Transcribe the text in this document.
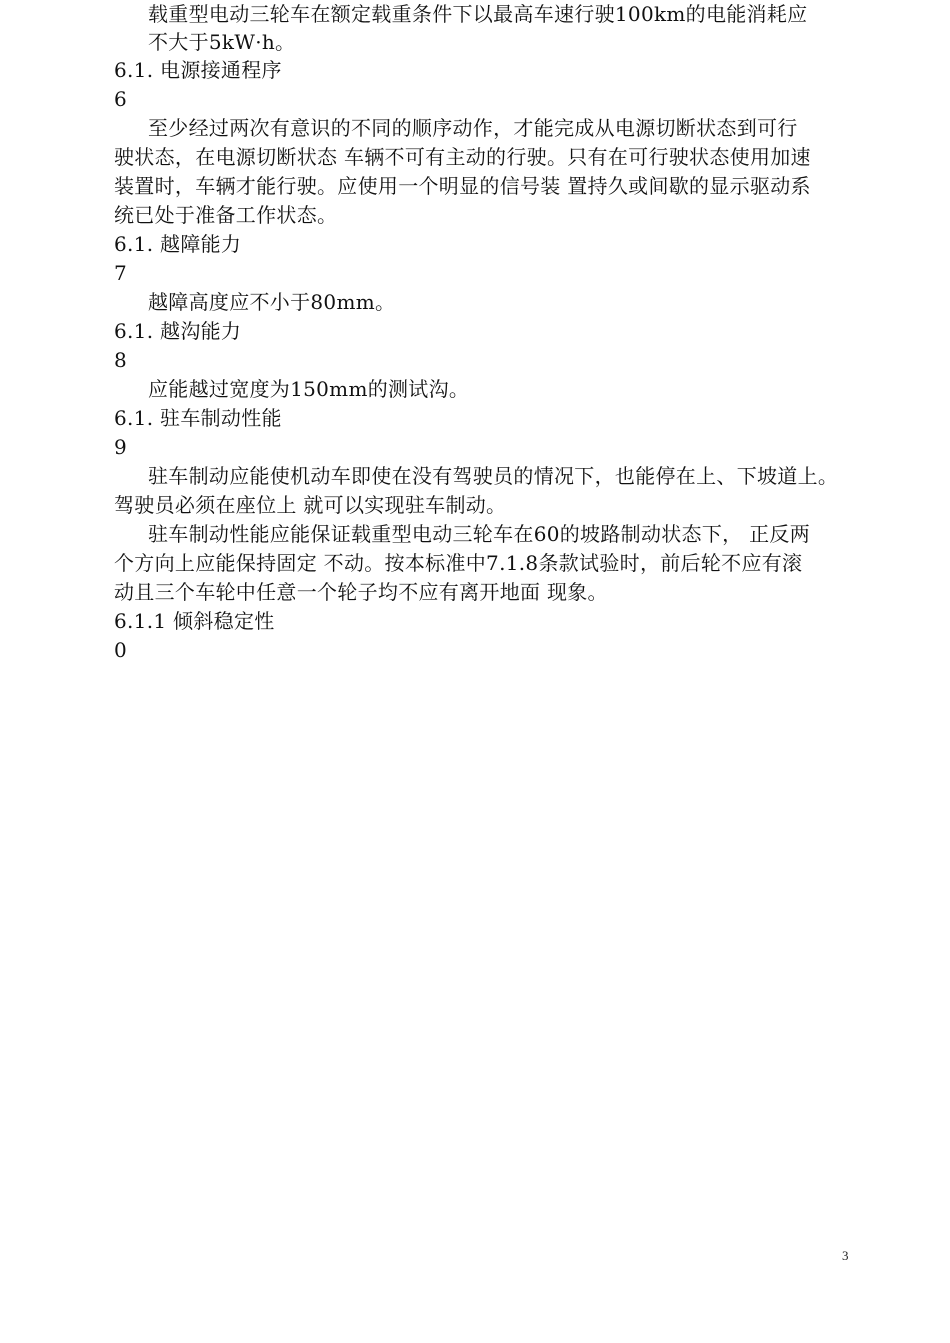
载重型电动三轮车在额定载重条件下以最高车速行驶100km的电能消耗应
不大于5kW·h。
6.1. 电源接通程序
6
至少经过两次有意识的不同的顺序动作，才能完成从电源切断状态到可行
驶状态，在电源切断状态 车辆不可有主动的行驶。只有在可行驶状态使用加速
装置时，车辆才能行驶。应使用一个明显的信号装 置持久或间歇的显示驱动系
统已处于准备工作状态。
6.1. 越障能力
7
越障高度应不小于80mm。
6.1. 越沟能力
8
应能越过宽度为150mm的测试沟。
6.1. 驻车制动性能
9
驻车制动应能使机动车即使在没有驾驶员的情况下，也能停在上、下坡道上。
驾驶员必须在座位上 就可以实现驻车制动。
驻车制动性能应能保证载重型电动三轮车在60的坡路制动状态下， 正反两
个方向上应能保持固定 不动。按本标准中7.1.8条款试验时，前后轮不应有滚
动且三个车轮中任意一个轮子均不应有离开地面 现象。
6.1.1 倾斜稳定性
0
3
